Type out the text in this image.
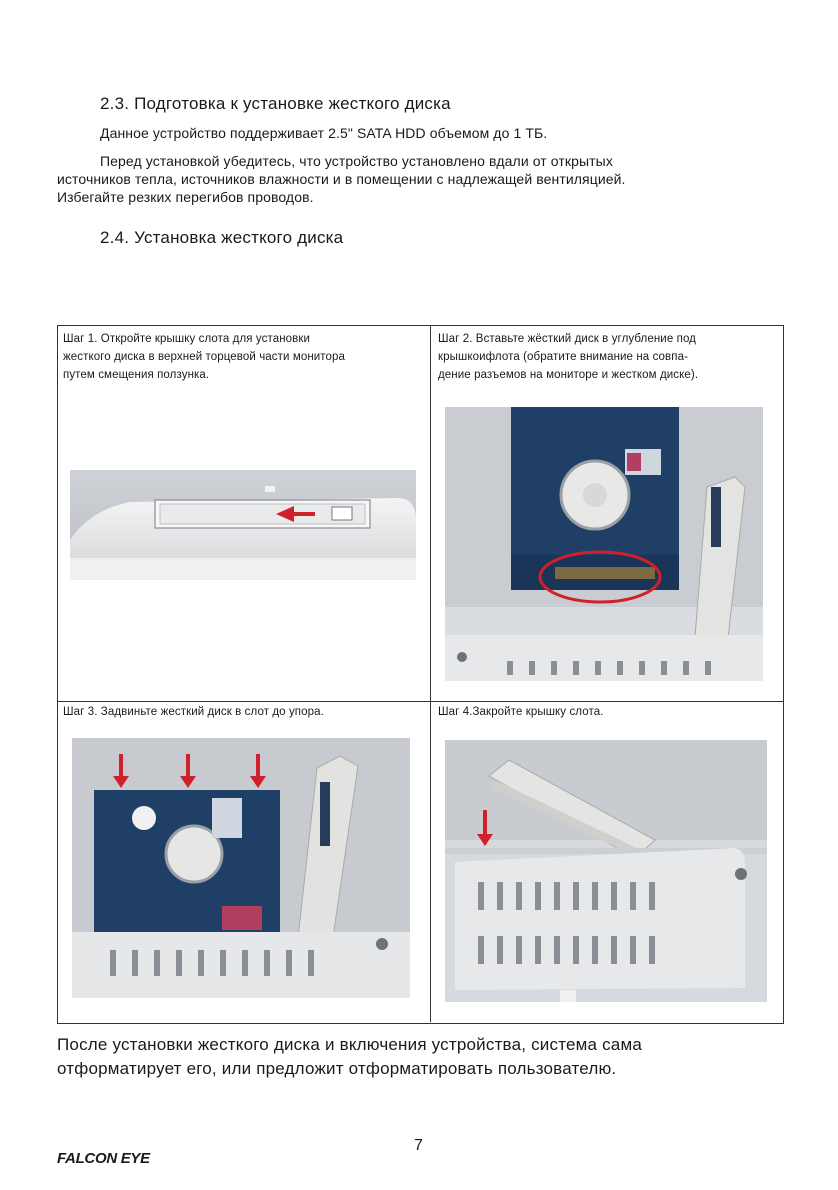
2.3. Подготовка к установке жесткого диска
Данное устройство поддерживает 2.5" SATA HDD объемом до 1 ТБ.
Перед установкой убедитесь, что устройство установлено вдали от открытых
источников тепла, источников влажности и в помещении с надлежащей вентиляцией.
Избегайте резких перегибов проводов.
2.4. Установка жесткого диска
Шаг 1. Откройте крышку слота для установки
жесткого диска в верхней торцевой части монитора
путем смещения ползунка.
Шаг 2. Вставьте жёсткий диск в углубление под
крышкоифлота (обратите внимание на совпа-
дение разъемов на мониторе и жестком диске).
Шаг 3. Задвиньте жесткий диск в слот до упора.	Шаг 4.Закройте крышку слота.
После установки жесткого диска и включения устройства, система сама
отформатирует его, или предложит отформатировать пользователю.
7
FALCON EYE
